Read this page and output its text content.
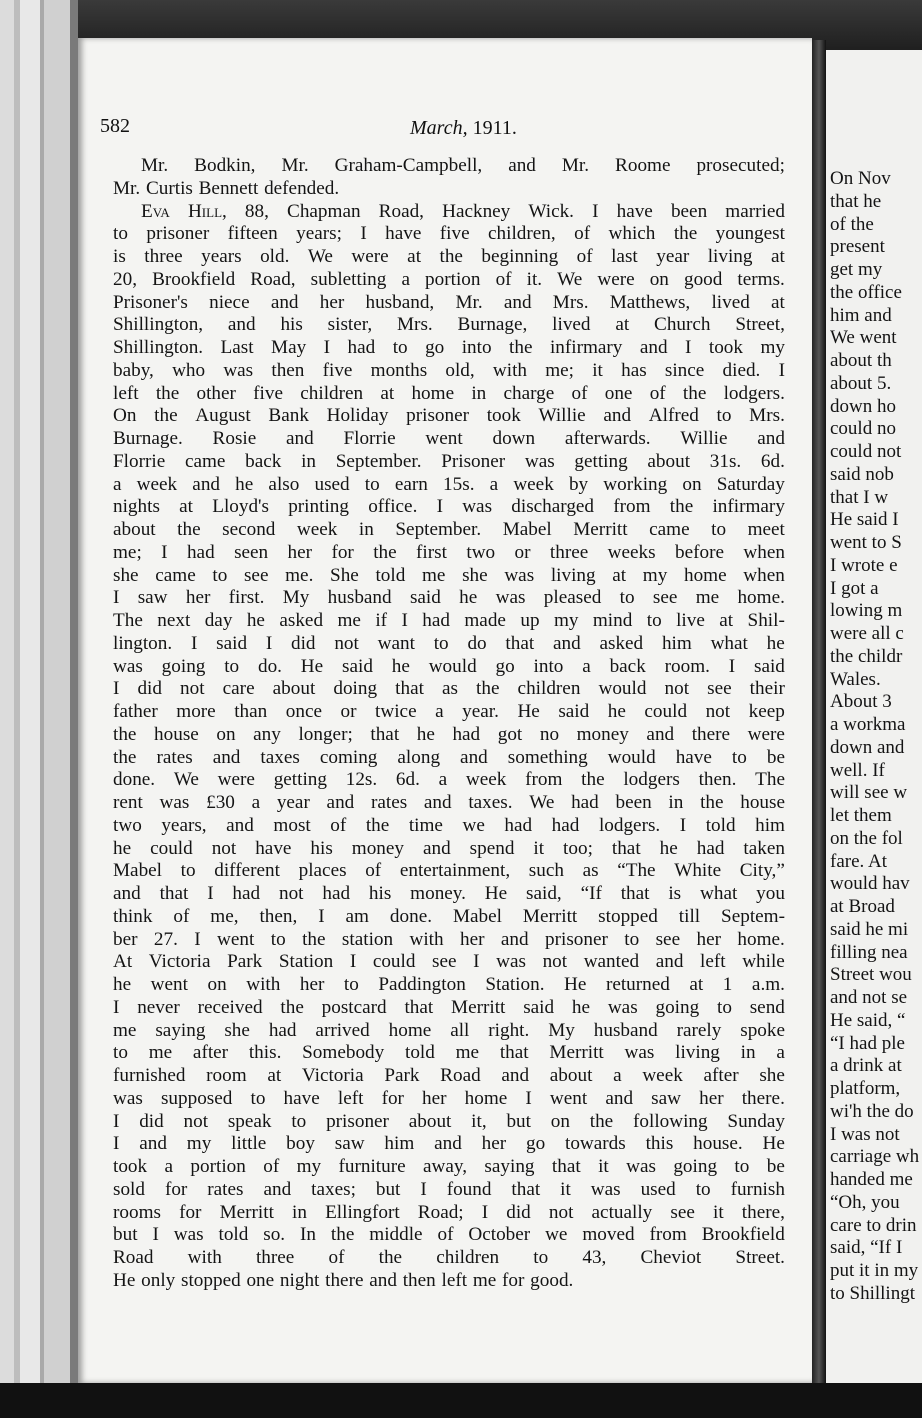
On Nov
that he
of the
present
get my
the office
him and
We went
about th
about 5.
down ho
could no
could not
said nob
that I w
He said I
went to S
I wrote e
I got a
lowing m
were all c
the childr
Wales.
About 3
a workma
down and
well. If
will see w
let them
on the fol
fare. At
would hav
at Broad
said he mi
filling nea
Street wou
and not se
He said, “
“I had ple
a drink at
platform,
wi'h the do
I was not
carriage wh
handed me
“Oh, you
care to drin
said, “If I
put it in my
to Shillingt
582	March, 1911.
Mr. Bodkin, Mr. Graham-Campbell, and Mr. Roome prosecuted;
Mr. Curtis Bennett defended.
Eva Hill, 88, Chapman Road, Hackney Wick. I have been married
to prisoner fifteen years; I have five children, of which the youngest
is three years old. We were at the beginning of last year living at
20, Brookfield Road, subletting a portion of it. We were on good terms.
Prisoner's niece and her husband, Mr. and Mrs. Matthews, lived at
Shillington, and his sister, Mrs. Burnage, lived at Church Street,
Shillington. Last May I had to go into the infirmary and I took my
baby, who was then five months old, with me; it has since died. I
left the other five children at home in charge of one of the lodgers.
On the August Bank Holiday prisoner took Willie and Alfred to Mrs.
Burnage. Rosie and Florrie went down afterwards. Willie and
Florrie came back in September. Prisoner was getting about 31s. 6d.
a week and he also used to earn 15s. a week by working on Saturday
nights at Lloyd's printing office. I was discharged from the infirmary
about the second week in September. Mabel Merritt came to meet
me; I had seen her for the first two or three weeks before when
she came to see me. She told me she was living at my home when
I saw her first. My husband said he was pleased to see me home.
The next day he asked me if I had made up my mind to live at Shil-
lington. I said I did not want to do that and asked him what he
was going to do. He said he would go into a back room. I said
I did not care about doing that as the children would not see their
father more than once or twice a year. He said he could not keep
the house on any longer; that he had got no money and there were
the rates and taxes coming along and something would have to be
done. We were getting 12s. 6d. a week from the lodgers then. The
rent was £30 a year and rates and taxes. We had been in the house
two years, and most of the time we had had lodgers. I told him
he could not have his money and spend it too; that he had taken
Mabel to different places of entertainment, such as “The White City,”
and that I had not had his money. He said, “If that is what you
think of me, then, I am done. Mabel Merritt stopped till Septem-
ber 27. I went to the station with her and prisoner to see her home.
At Victoria Park Station I could see I was not wanted and left while
he went on with her to Paddington Station. He returned at 1 a.m.
I never received the postcard that Merritt said he was going to send
me saying she had arrived home all right. My husband rarely spoke
to me after this. Somebody told me that Merritt was living in a
furnished room at Victoria Park Road and about a week after she
was supposed to have left for her home I went and saw her there.
I did not speak to prisoner about it, but on the following Sunday
I and my little boy saw him and her go towards this house. He
took a portion of my furniture away, saying that it was going to be
sold for rates and taxes; but I found that it was used to furnish
rooms for Merritt in Ellingfort Road; I did not actually see it there,
but I was told so. In the middle of October we moved from Brookfield
Road with three of the children to 43, Cheviot Street.
He only stopped one night there and then left me for good.
